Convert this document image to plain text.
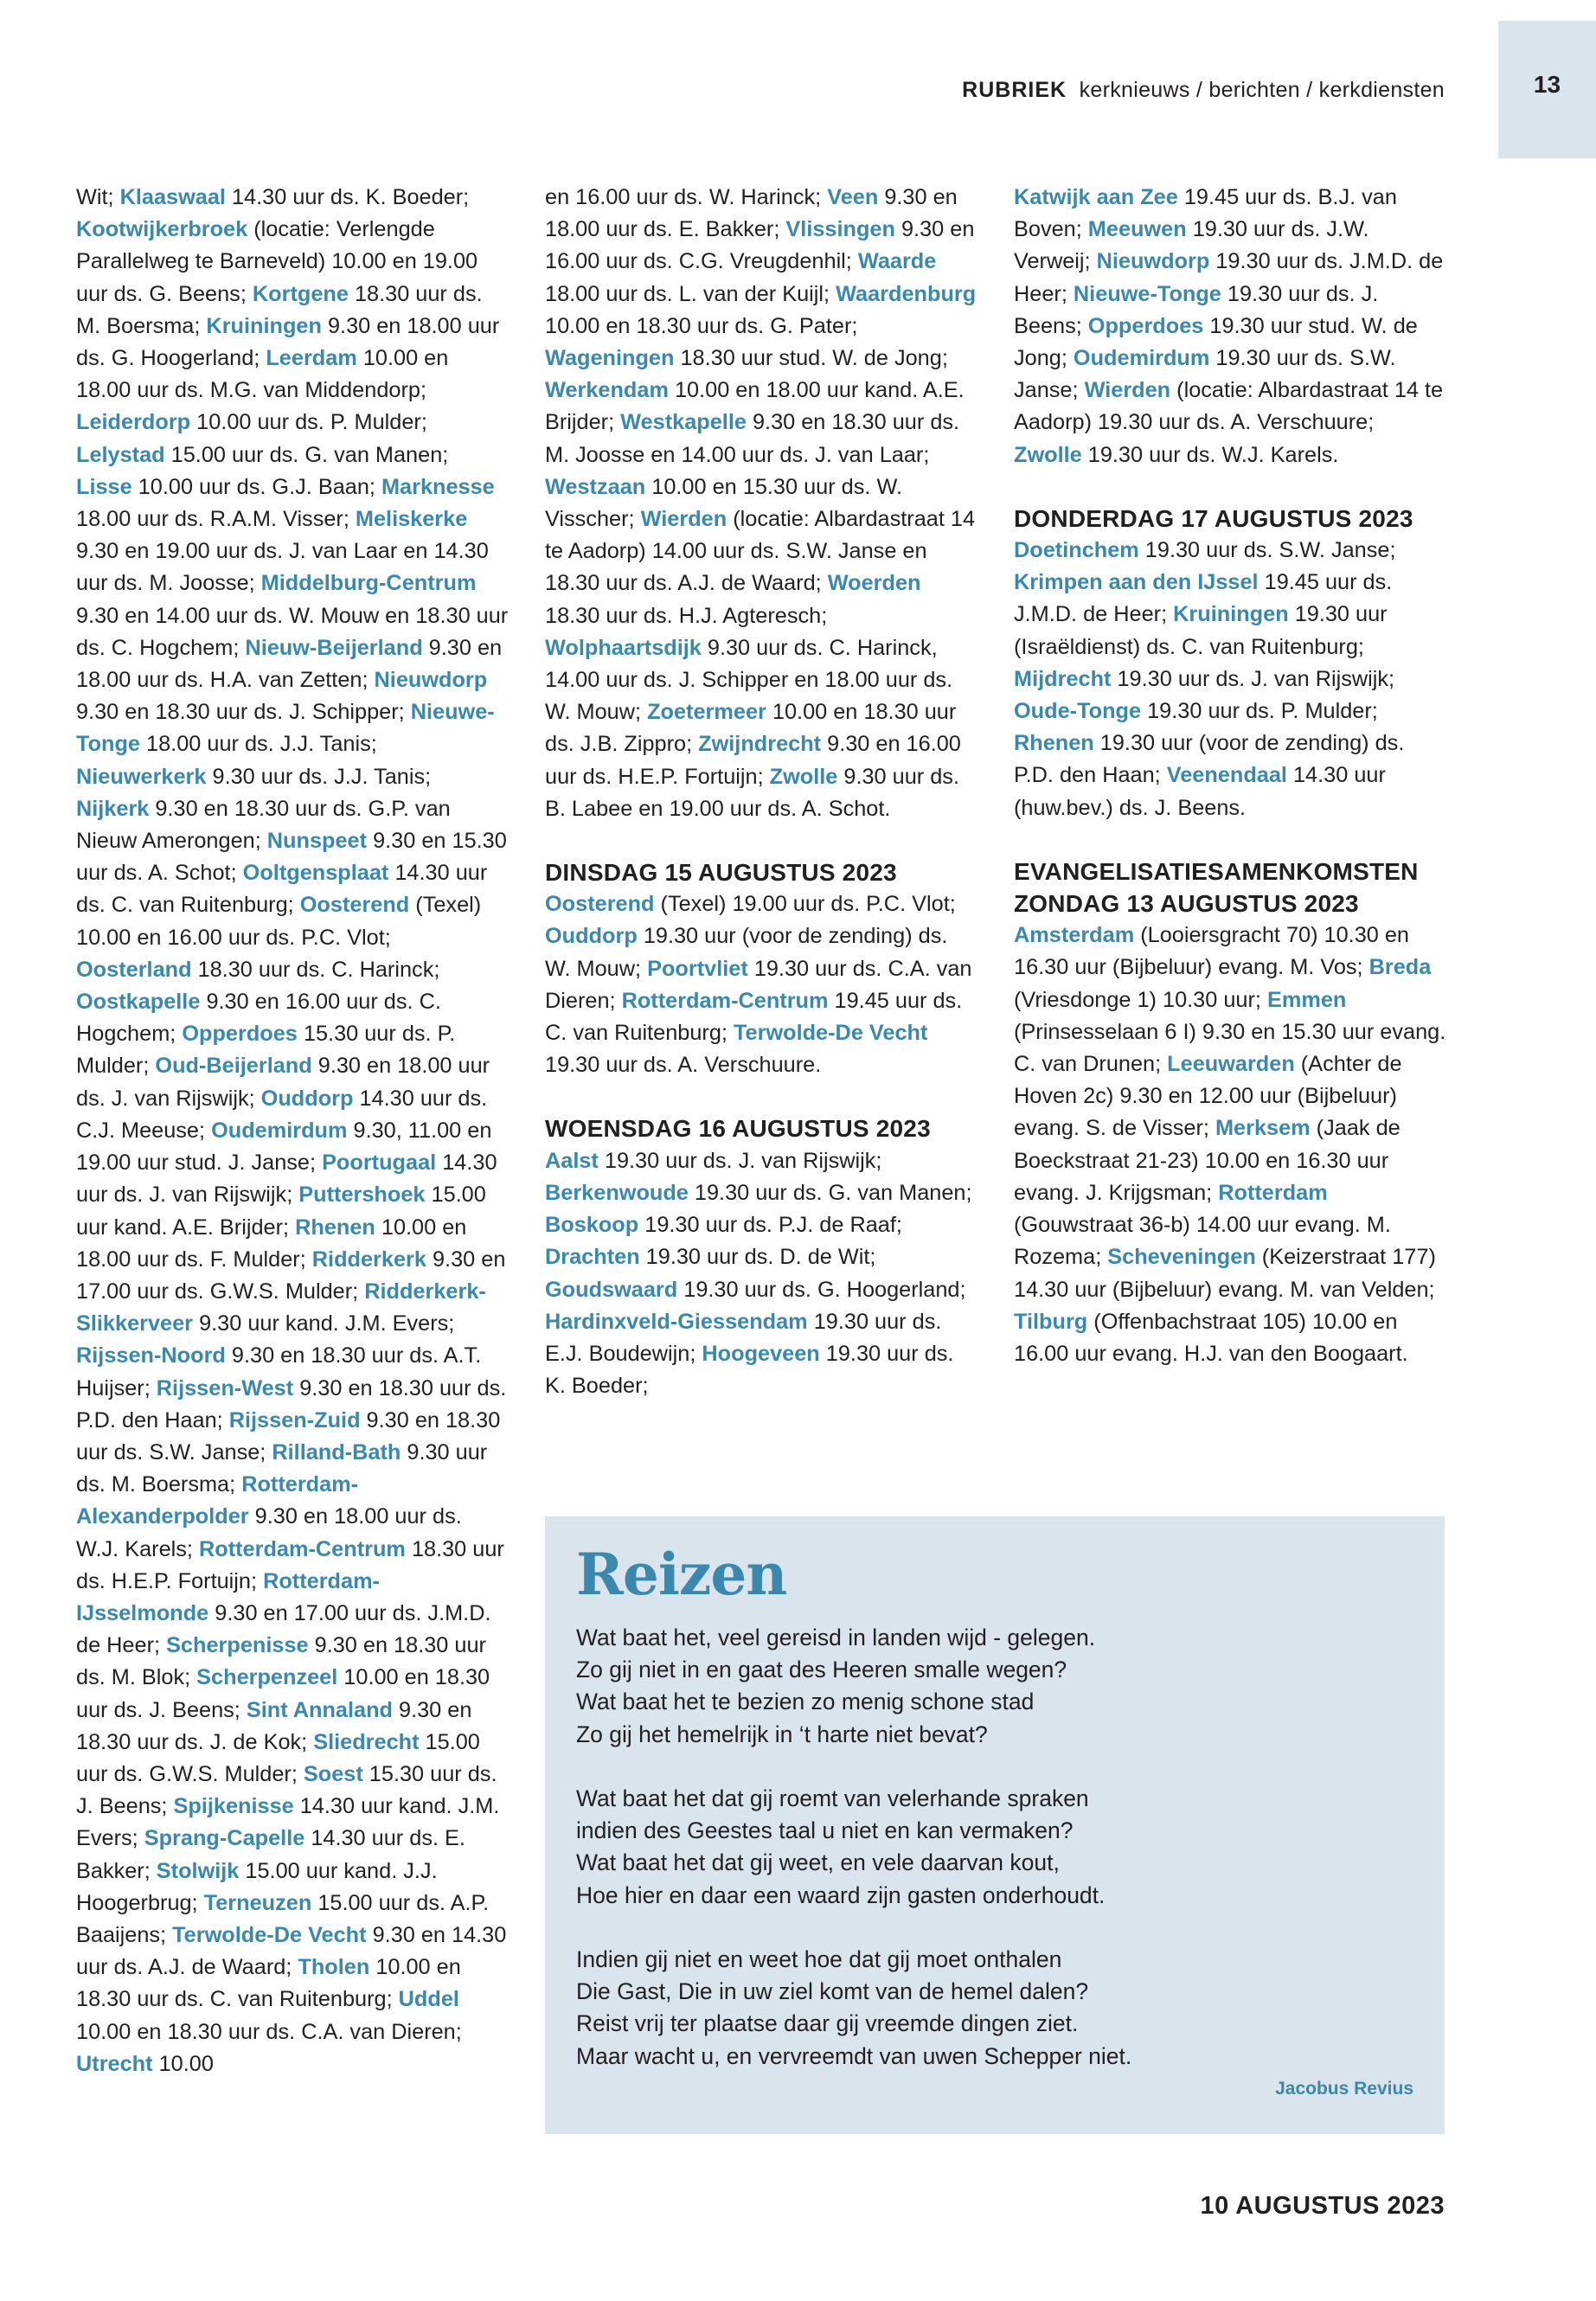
13
RUBRIEK kerknieuws / berichten / kerkdiensten

Wit; Klaaswaal 14.30 uur ds. K. Boeder; Kootwijkerbroek (locatie: Verlengde Parallelweg te Barneveld) 10.00 en 19.00 uur ds. G. Beens; Kortgene 18.30 uur ds. M. Boersma; Kruiningen 9.30 en 18.00 uur ds. G. Hoogerland; Leerdam 10.00 en 18.00 uur ds. M.G. van Middendorp; Leiderdorp 10.00 uur ds. P. Mulder; Lelystad 15.00 uur ds. G. van Manen; Lisse 10.00 uur ds. G.J. Baan; Marknesse 18.00 uur ds. R.A.M. Visser; Meliskerke 9.30 en 19.00 uur ds. J. van Laar en 14.30 uur ds. M. Joosse; Middelburg-Centrum 9.30 en 14.00 uur ds. W. Mouw en 18.30 uur ds. C. Hogchem; Nieuw-Beijerland 9.30 en 18.00 uur ds. H.A. van Zetten; Nieuwdorp 9.30 en 18.30 uur ds. J. Schipper; Nieuwe-Tonge 18.00 uur ds. J.J. Tanis; Nieuwerkerk 9.30 uur ds. J.J. Tanis; Nijkerk 9.30 en 18.30 uur ds. G.P. van Nieuw Amerongen; Nunspeet 9.30 en 15.30 uur ds. A. Schot; Ooltgensplaat 14.30 uur ds. C. van Ruitenburg; Oosterend (Texel) 10.00 en 16.00 uur ds. P.C. Vlot; Oosterland 18.30 uur ds. C. Harinck; Oostkapelle 9.30 en 16.00 uur ds. C. Hogchem; Opperdoes 15.30 uur ds. P. Mulder; Oud-Beijerland 9.30 en 18.00 uur ds. J. van Rijswijk; Ouddorp 14.30 uur ds. C.J. Meeuse; Oudemirdum 9.30, 11.00 en 19.00 uur stud. J. Janse; Poortugaal 14.30 uur ds. J. van Rijswijk; Puttershoek 15.00 uur kand. A.E. Brijder; Rhenen 10.00 en 18.00 uur ds. F. Mulder; Ridderkerk 9.30 en 17.00 uur ds. G.W.S. Mulder; Ridderkerk-Slikkerveer 9.30 uur kand. J.M. Evers; Rijssen-Noord 9.30 en 18.30 uur ds. A.T. Huijser; Rijssen-West 9.30 en 18.30 uur ds. P.D. den Haan; Rijssen-Zuid 9.30 en 18.30 uur ds. S.W. Janse; Rilland-Bath 9.30 uur ds. M. Boersma; Rotterdam-Alexanderpolder 9.30 en 18.00 uur ds. W.J. Karels; Rotterdam-Centrum 18.30 uur ds. H.E.P. Fortuijn; Rotterdam-IJsselmonde 9.30 en 17.00 uur ds. J.M.D. de Heer; Scherpenisse 9.30 en 18.30 uur ds. M. Blok; Scherpenzeel 10.00 en 18.30 uur ds. J. Beens; Sint Annaland 9.30 en 18.30 uur ds. J. de Kok; Sliedrecht 15.00 uur ds. G.W.S. Mulder; Soest 15.30 uur ds. J. Beens; Spijkenisse 14.30 uur kand. J.M. Evers; Sprang-Capelle 14.30 uur ds. E. Bakker; Stolwijk 15.00 uur kand. J.J. Hoogerbrug; Terneuzen 15.00 uur ds. A.P. Baaijens; Terwolde-De Vecht 9.30 en 14.30 uur ds. A.J. de Waard; Tholen 10.00 en 18.30 uur ds. C. van Ruitenburg; Uddel 10.00 en 18.30 uur ds. C.A. van Dieren; Utrecht 10.00

en 16.00 uur ds. W. Harinck; Veen 9.30 en 18.00 uur ds. E. Bakker; Vlissingen 9.30 en 16.00 uur ds. C.G. Vreugdenhil; Waarde 18.00 uur ds. L. van der Kuijl; Waardenburg 10.00 en 18.30 uur ds. G. Pater; Wageningen 18.30 uur stud. W. de Jong; Werkendam 10.00 en 18.00 uur kand. A.E. Brijder; Westkapelle 9.30 en 18.30 uur ds. M. Joosse en 14.00 uur ds. J. van Laar; Westzaan 10.00 en 15.30 uur ds. W. Visscher; Wierden (locatie: Albardastraat 14 te Aadorp) 14.00 uur ds. S.W. Janse en 18.30 uur ds. A.J. de Waard; Woerden 18.30 uur ds. H.J. Agteresch; Wolphaartsdijk 9.30 uur ds. C. Harinck, 14.00 uur ds. J. Schipper en 18.00 uur ds. W. Mouw; Zoetermeer 10.00 en 18.30 uur ds. J.B. Zippro; Zwijndrecht 9.30 en 16.00 uur ds. H.E.P. Fortuijn; Zwolle 9.30 uur ds. B. Labee en 19.00 uur ds. A. Schot.

DINSDAG 15 AUGUSTUS 2023

Oosterend (Texel) 19.00 uur ds. P.C. Vlot; Ouddorp 19.30 uur (voor de zending) ds. W. Mouw; Poortvliet 19.30 uur ds. C.A. van Dieren; Rotterdam-Centrum 19.45 uur ds. C. van Ruitenburg; Terwolde-De Vecht 19.30 uur ds. A. Verschuure.

WOENSDAG 16 AUGUSTUS 2023

Aalst 19.30 uur ds. J. van Rijswijk; Berkenwoude 19.30 uur ds. G. van Manen; Boskoop 19.30 uur ds. P.J. de Raaf; Drachten 19.30 uur ds. D. de Wit; Goudswaard 19.30 uur ds. G. Hoogerland; Hardinxveld-Giessendam 19.30 uur ds. E.J. Boudewijn; Hoogeveen 19.30 uur ds. K. Boeder;

Katwijk aan Zee 19.45 uur ds. B.J. van Boven; Meeuwen 19.30 uur ds. J.W. Verweij; Nieuwdorp 19.30 uur ds. J.M.D. de Heer; Nieuwe-Tonge 19.30 uur ds. J. Beens; Opperdoes 19.30 uur stud. W. de Jong; Oudemirdum 19.30 uur ds. S.W. Janse; Wierden (locatie: Albardastraat 14 te Aadorp) 19.30 uur ds. A. Verschuure; Zwolle 19.30 uur ds. W.J. Karels.

DONDERDAG 17 AUGUSTUS 2023

Doetinchem 19.30 uur ds. S.W. Janse; Krimpen aan den IJssel 19.45 uur ds. J.M.D. de Heer; Kruiningen 19.30 uur (Israëldienst) ds. C. van Ruitenburg; Mijdrecht 19.30 uur ds. J. van Rijswijk; Oude-Tonge 19.30 uur ds. P. Mulder; Rhenen 19.30 uur (voor de zending) ds. P.D. den Haan; Veenendaal 14.30 uur (huw.bev.) ds. J. Beens.

EVANGELISATIESAMENKOMSTEN

ZONDAG 13 AUGUSTUS 2023

Amsterdam (Looiersgracht 70) 10.30 en 16.30 uur (Bijbeluur) evang. M. Vos; Breda (Vriesdonge 1) 10.30 uur; Emmen (Prinsesselaan 6 I) 9.30 en 15.30 uur evang. C. van Drunen; Leeuwarden (Achter de Hoven 2c) 9.30 en 12.00 uur (Bijbeluur) evang. S. de Visser; Merksem (Jaak de Boeckstraat 21-23) 10.00 en 16.30 uur evang. J. Krijgsman; Rotterdam (Gouwstraat 36-b) 14.00 uur evang. M. Rozema; Scheveningen (Keizerstraat 177) 14.30 uur (Bijbeluur) evang. M. van Velden; Tilburg (Offenbachstraat 105) 10.00 en 16.00 uur evang. H.J. van den Boogaart.

Reizen
Wat baat het, veel gereisd in landen wijd - gelegen.
Zo gij niet in en gaat des Heeren smalle wegen?
Wat baat het te bezien zo menig schone stad
Zo gij het hemelrijk in ‘t harte niet bevat?
Wat baat het dat gij roemt van velerhande spraken
indien des Geestes taal u niet en kan vermaken?
Wat baat het dat gij weet, en vele daarvan kout,
Hoe hier en daar een waard zijn gasten onderhoudt.
Indien gij niet en weet hoe dat gij moet onthalen
Die Gast, Die in uw ziel komt van de hemel dalen?
Reist vrij ter plaatse daar gij vreemde dingen ziet.
Maar wacht u, en vervreemdt van uwen Schepper niet.
Jacobus Revius
10 AUGUSTUS 2023
